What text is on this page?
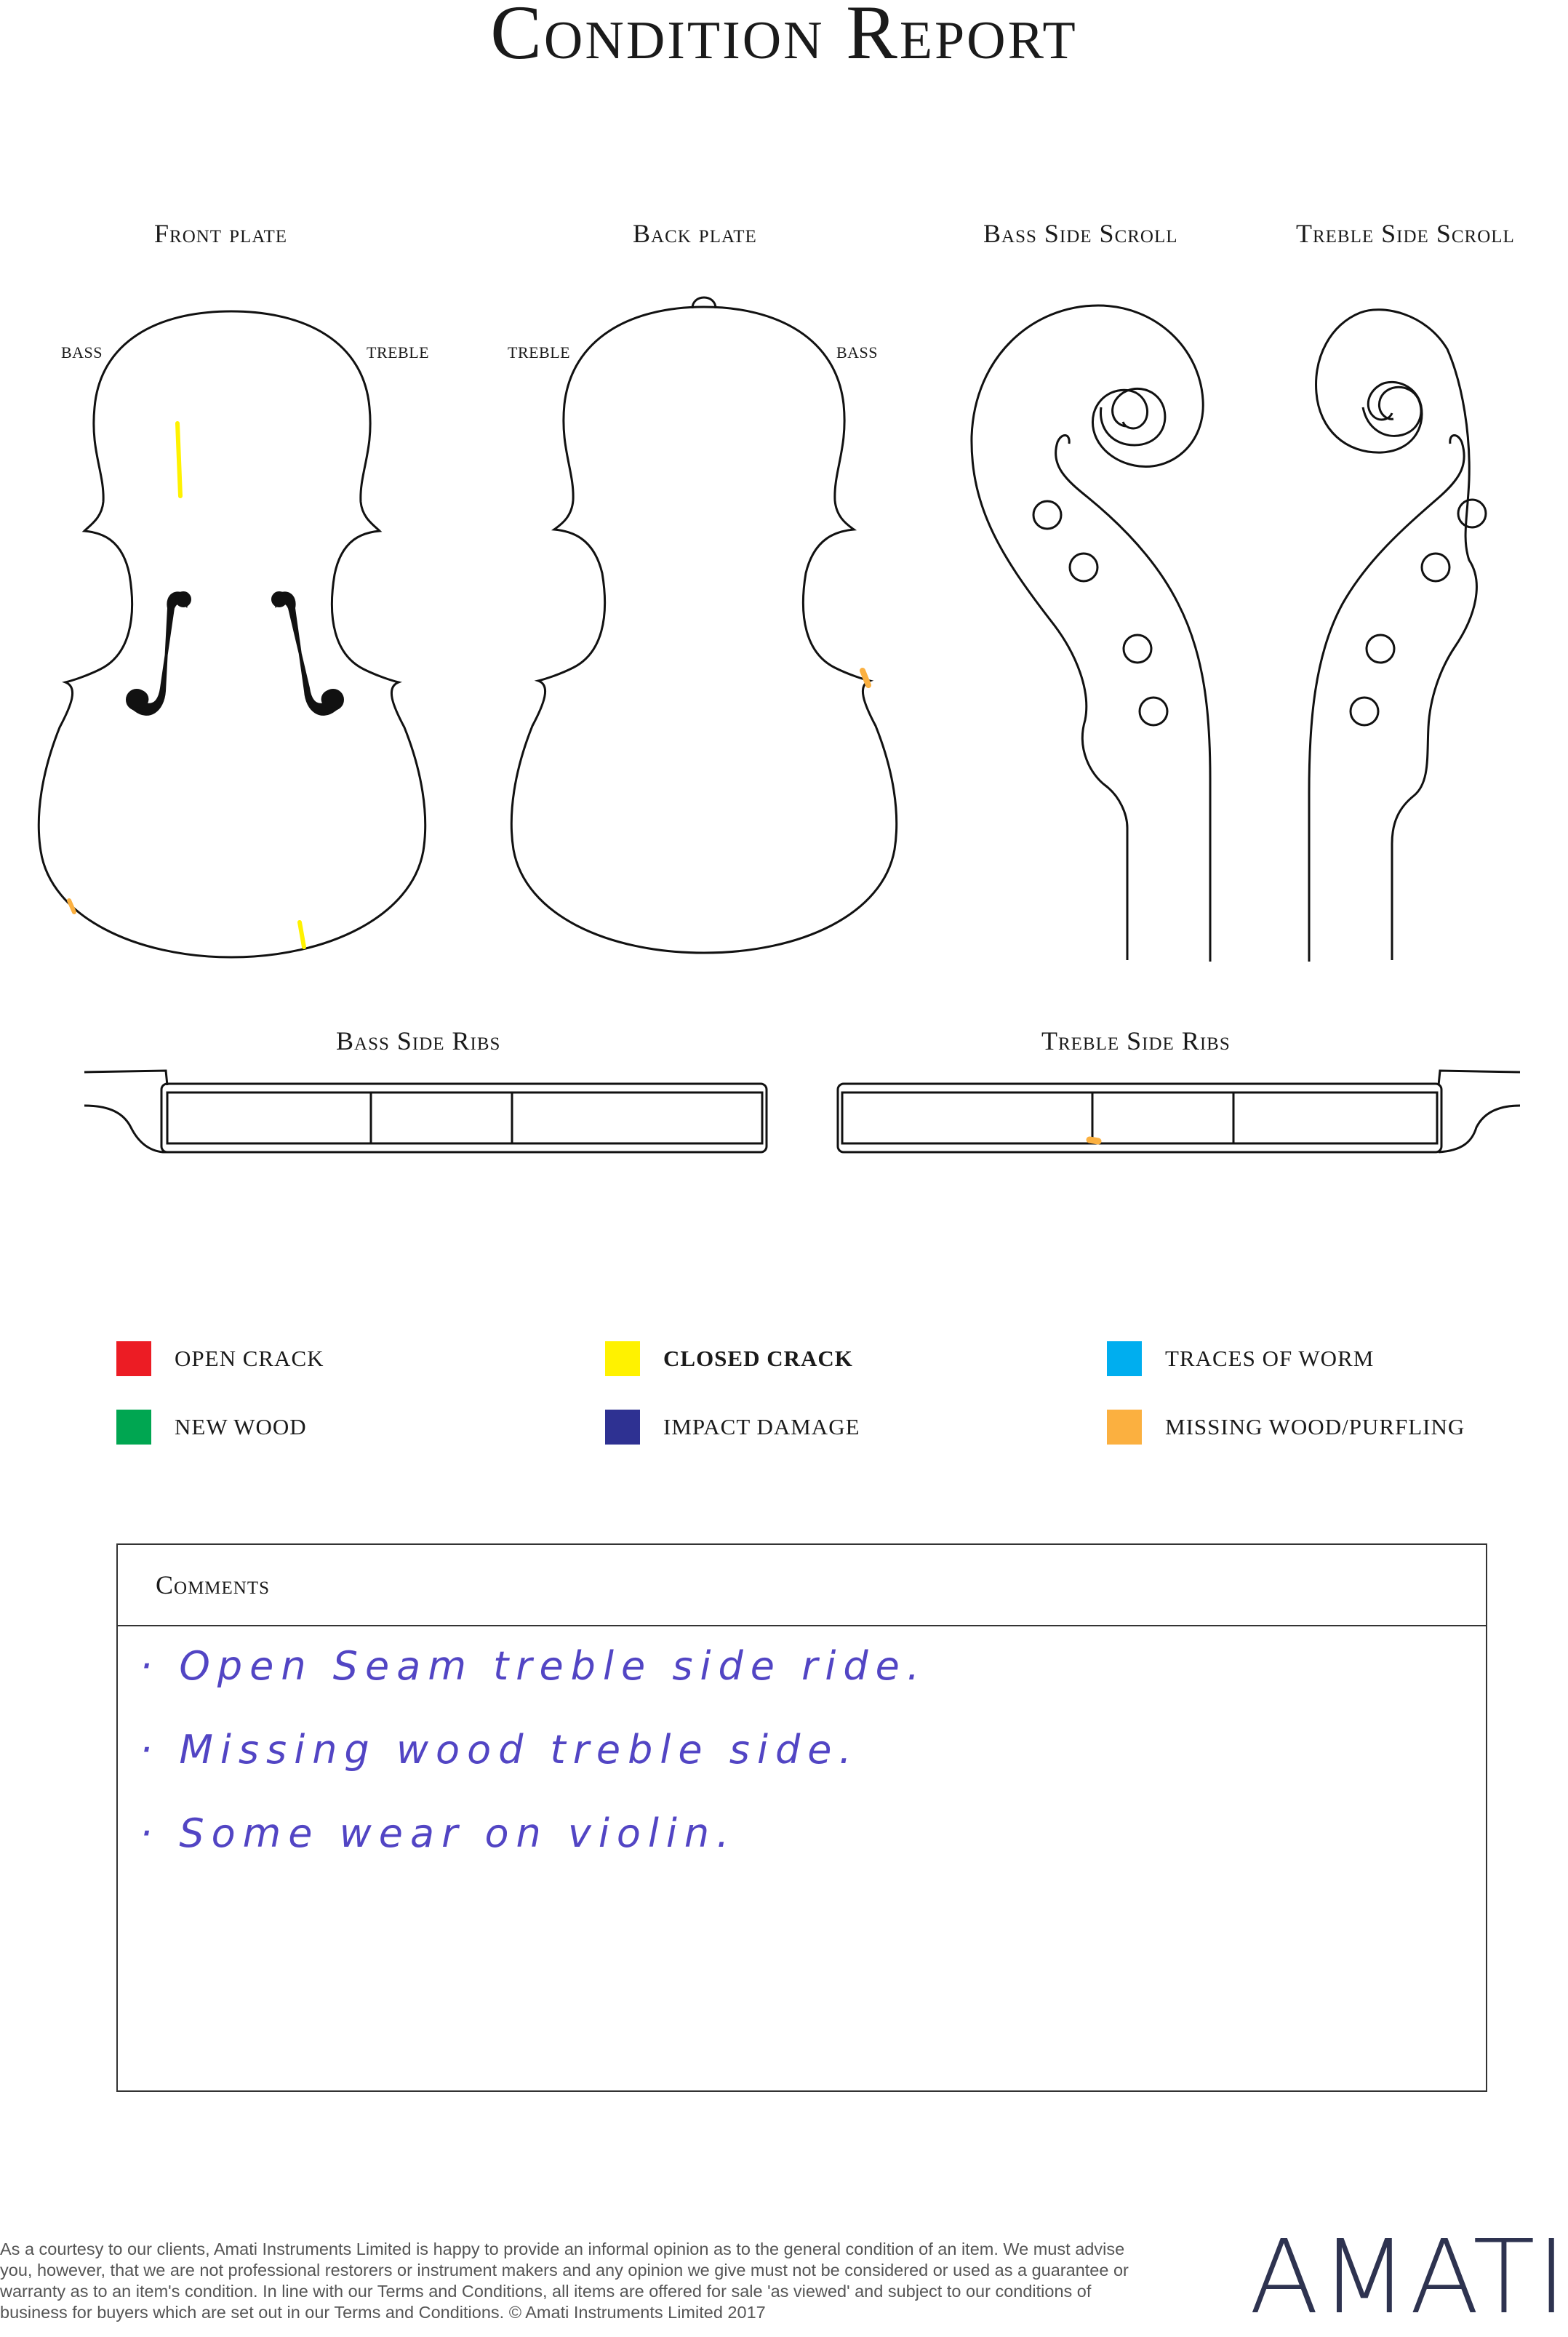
Condition Report
Front plate	Back plate	Bass Side Scroll	Treble Side Scroll
BASS	TREBLE	TREBLE	BASS
Bass Side Ribs	Treble Side Ribs
OPEN CRACK	CLOSED CRACK	TRACES OF WORM
NEW WOOD	IMPACT DAMAGE	MISSING WOOD/PURFLING
Comments
· Open Seam treble side ride.
· Missing wood treble side.
· Some wear on violin.
As a courtesy to our clients, Amati Instruments Limited is happy to provide an informal opinion as to the general condition of an item. We must advise you, however, that we are not professional restorers or instrument makers and any opinion we give must not be considered or used as a guarantee or warranty as to an item's condition. In line with our Terms and Conditions, all items are offered for sale 'as viewed' and subject to our conditions of business for buyers which are set out in our Terms and Conditions. © Amati Instruments Limited 2017	AMATI
